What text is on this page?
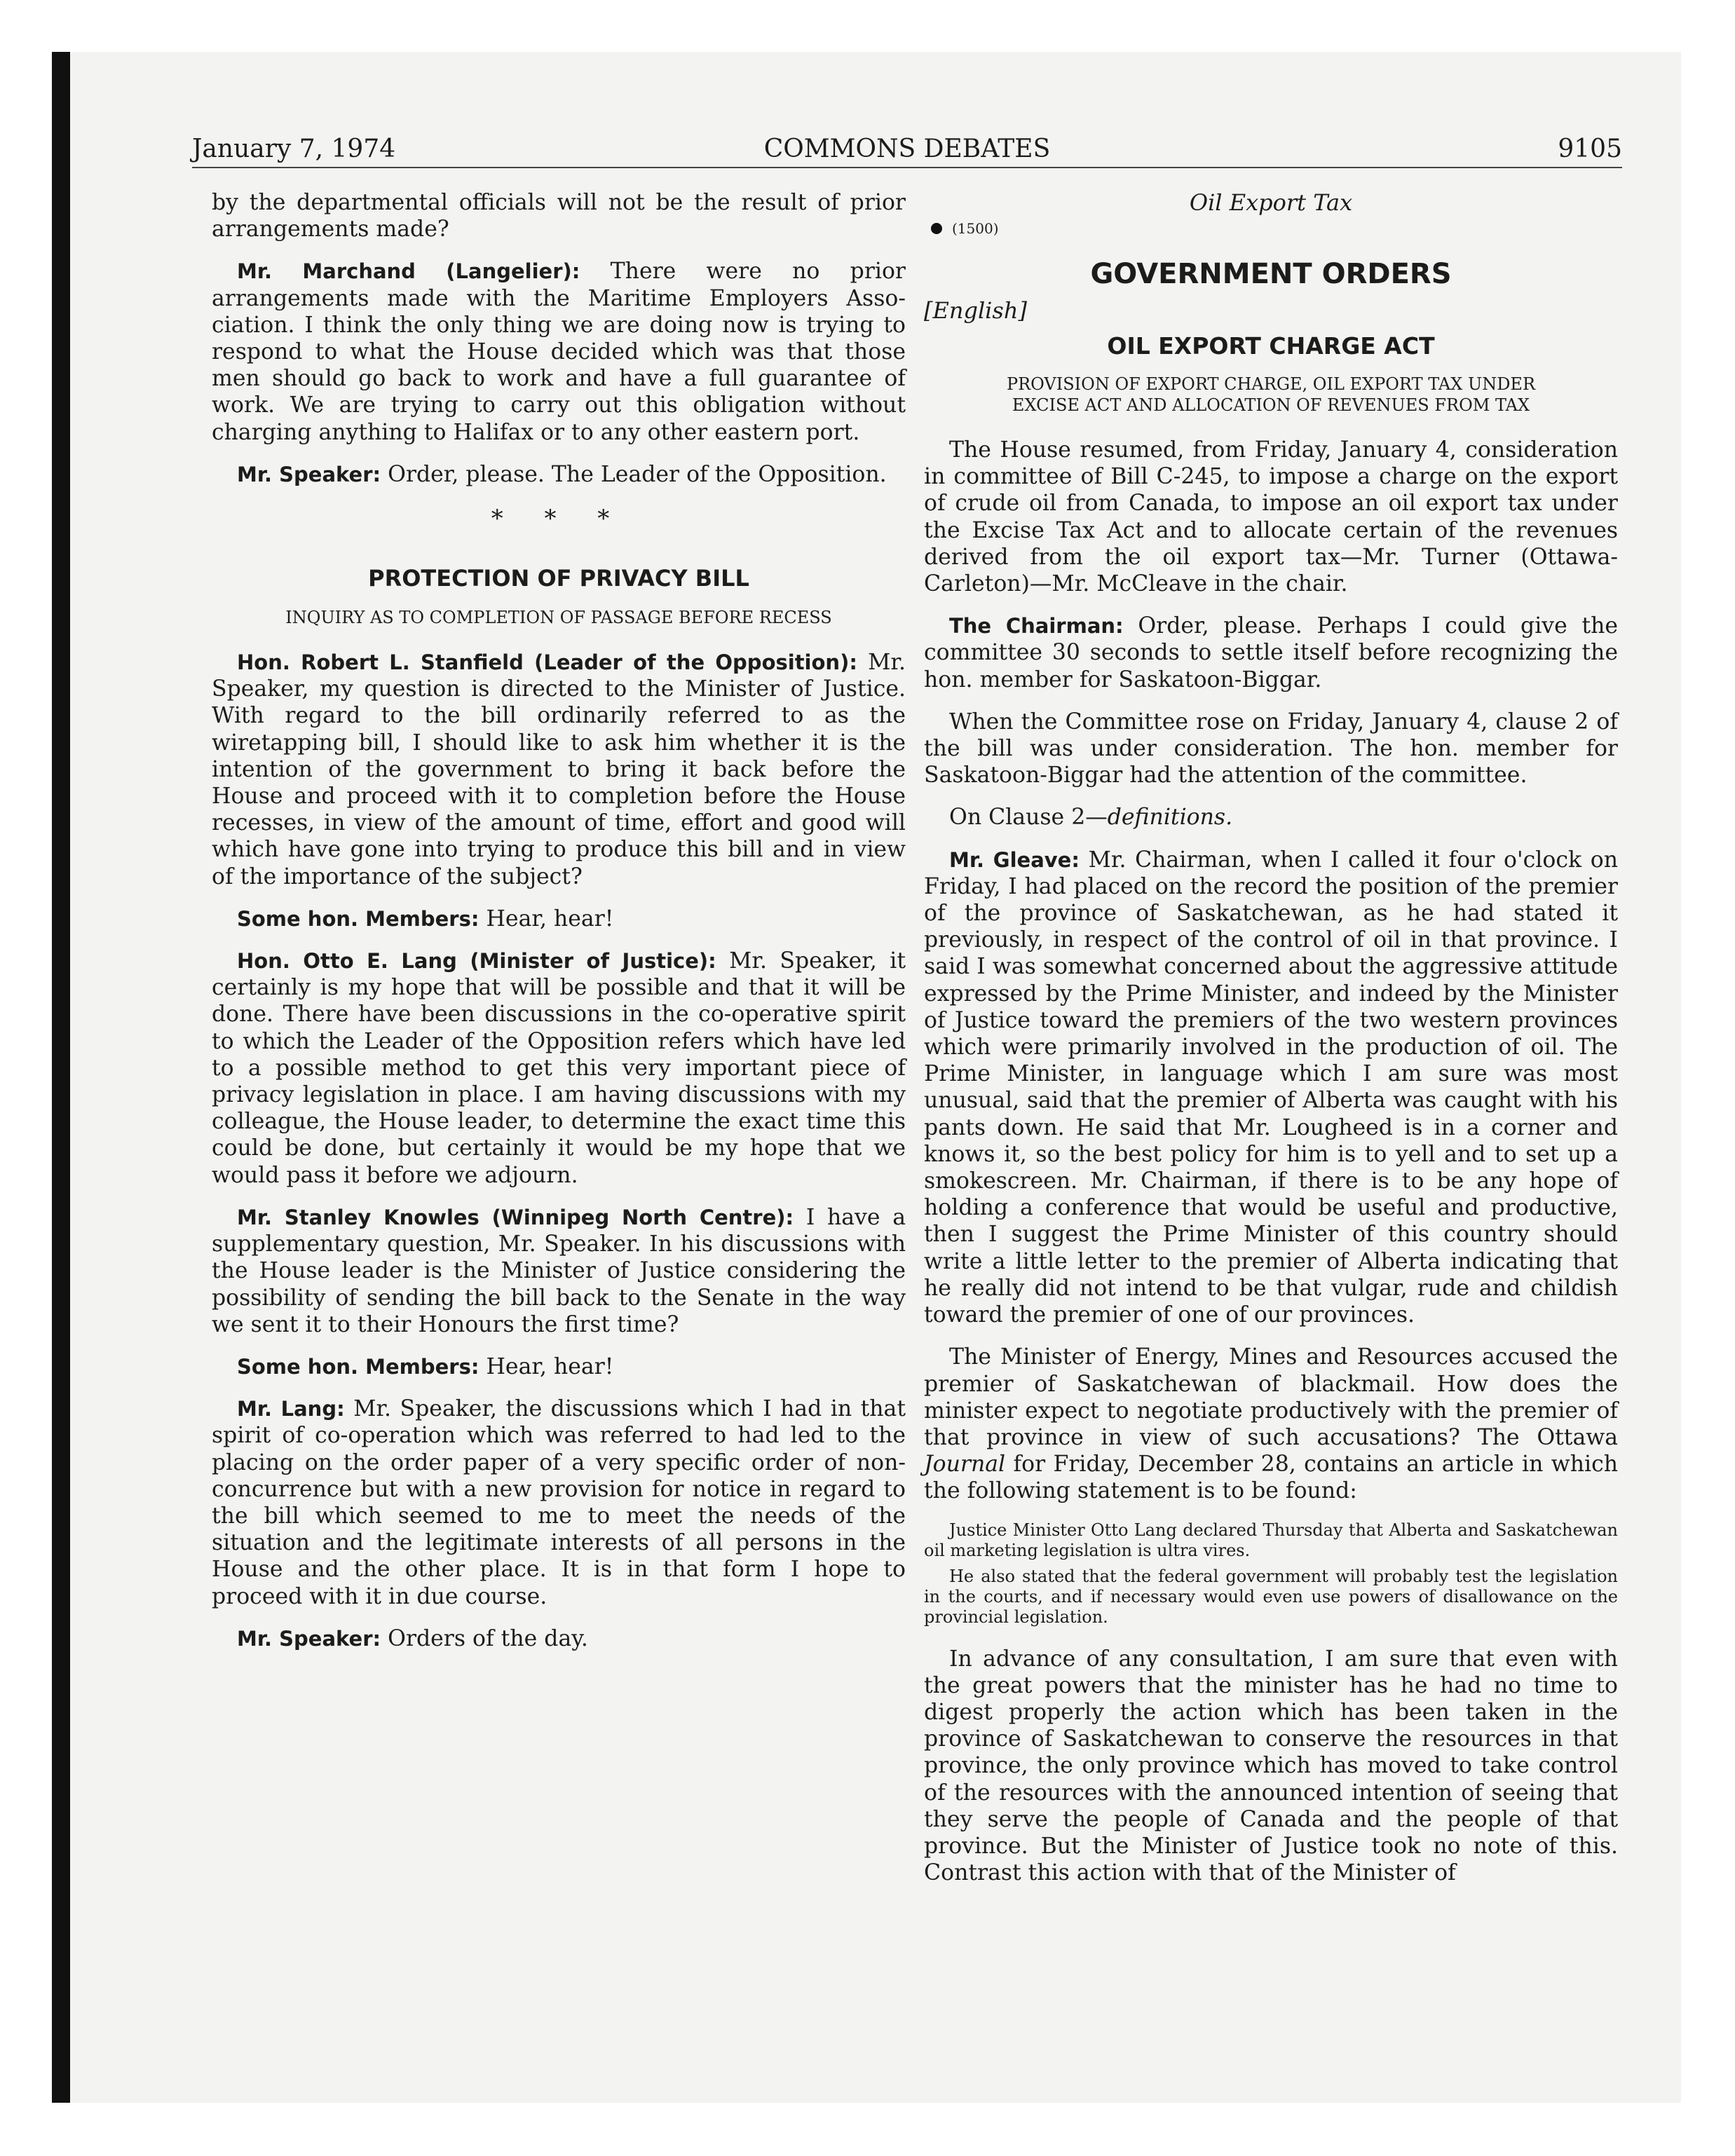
January 7, 1974	COMMONS DEBATES	9105

by the departmental officials will not be the result of prior arrangements made?

Mr. Marchand (Langelier): There were no prior arrangements made with the Maritime Employers Association. I think the only thing we are doing now is trying to respond to what the House decided which was that those men should go back to work and have a full guarantee of work. We are trying to carry out this obligation without charging anything to Halifax or to any other eastern port.

Mr. Speaker: Order, please. The Leader of the Opposition.

* * *
PROTECTION OF PRIVACY BILL
INQUIRY AS TO COMPLETION OF PASSAGE BEFORE RECESS

Hon. Robert L. Stanfield (Leader of the Opposition): Mr. Speaker, my question is directed to the Minister of Justice. With regard to the bill ordinarily referred to as the wiretapping bill, I should like to ask him whether it is the intention of the government to bring it back before the House and proceed with it to completion before the House recesses, in view of the amount of time, effort and good will which have gone into trying to produce this bill and in view of the importance of the subject?

Some hon. Members: Hear, hear!

Hon. Otto E. Lang (Minister of Justice): Mr. Speaker, it certainly is my hope that will be possible and that it will be done. There have been discussions in the co-operative spirit to which the Leader of the Opposition refers which have led to a possible method to get this very important piece of privacy legislation in place. I am having discussions with my colleague, the House leader, to determine the exact time this could be done, but certainly it would be my hope that we would pass it before we adjourn.

Mr. Stanley Knowles (Winnipeg North Centre): I have a supplementary question, Mr. Speaker. In his discussions with the House leader is the Minister of Justice considering the possibility of sending the bill back to the Senate in the way we sent it to their Honours the first time?

Some hon. Members: Hear, hear!

Mr. Lang: Mr. Speaker, the discussions which I had in that spirit of co-operation which was referred to had led to the placing on the order paper of a very specific order of non-concurrence but with a new provision for notice in regard to the bill which seemed to me to meet the needs of the situation and the legitimate interests of all persons in the House and the other place. It is in that form I hope to proceed with it in due course.

Mr. Speaker: Orders of the day.

Oil Export Tax
(1500)
GOVERNMENT ORDERS
[English]
OIL EXPORT CHARGE ACT
PROVISION OF EXPORT CHARGE, OIL EXPORT TAX UNDER
EXCISE ACT AND ALLOCATION OF REVENUES FROM TAX

The House resumed, from Friday, January 4, consideration in committee of Bill C-245, to impose a charge on the export of crude oil from Canada, to impose an oil export tax under the Excise Tax Act and to allocate certain of the revenues derived from the oil export tax—Mr. Turner (Ottawa-Carleton)—Mr. McCleave in the chair.

The Chairman: Order, please. Perhaps I could give the committee 30 seconds to settle itself before recognizing the hon. member for Saskatoon-Biggar.

When the Committee rose on Friday, January 4, clause 2 of the bill was under consideration. The hon. member for Saskatoon-Biggar had the attention of the committee.

On Clause 2—definitions.

Mr. Gleave: Mr. Chairman, when I called it four o'clock on Friday, I had placed on the record the position of the premier of the province of Saskatchewan, as he had stated it previously, in respect of the control of oil in that province. I said I was somewhat concerned about the aggressive attitude expressed by the Prime Minister, and indeed by the Minister of Justice toward the premiers of the two western provinces which were primarily involved in the production of oil. The Prime Minister, in language which I am sure was most unusual, said that the premier of Alberta was caught with his pants down. He said that Mr. Lougheed is in a corner and knows it, so the best policy for him is to yell and to set up a smokescreen. Mr. Chairman, if there is to be any hope of holding a conference that would be useful and productive, then I suggest the Prime Minister of this country should write a little letter to the premier of Alberta indicating that he really did not intend to be that vulgar, rude and childish toward the premier of one of our provinces.

The Minister of Energy, Mines and Resources accused the premier of Saskatchewan of blackmail. How does the minister expect to negotiate productively with the premier of that province in view of such accusations? The Ottawa Journal for Friday, December 28, contains an article in which the following statement is to be found:

Justice Minister Otto Lang declared Thursday that Alberta and Saskatchewan oil marketing legislation is ultra vires.

He also stated that the federal government will probably test the legislation in the courts, and if necessary would even use powers of disallowance on the provincial legislation.

In advance of any consultation, I am sure that even with the great powers that the minister has he had no time to digest properly the action which has been taken in the province of Saskatchewan to conserve the resources in that province, the only province which has moved to take control of the resources with the announced intention of seeing that they serve the people of Canada and the people of that province. But the Minister of Justice took no note of this. Contrast this action with that of the Minister of
